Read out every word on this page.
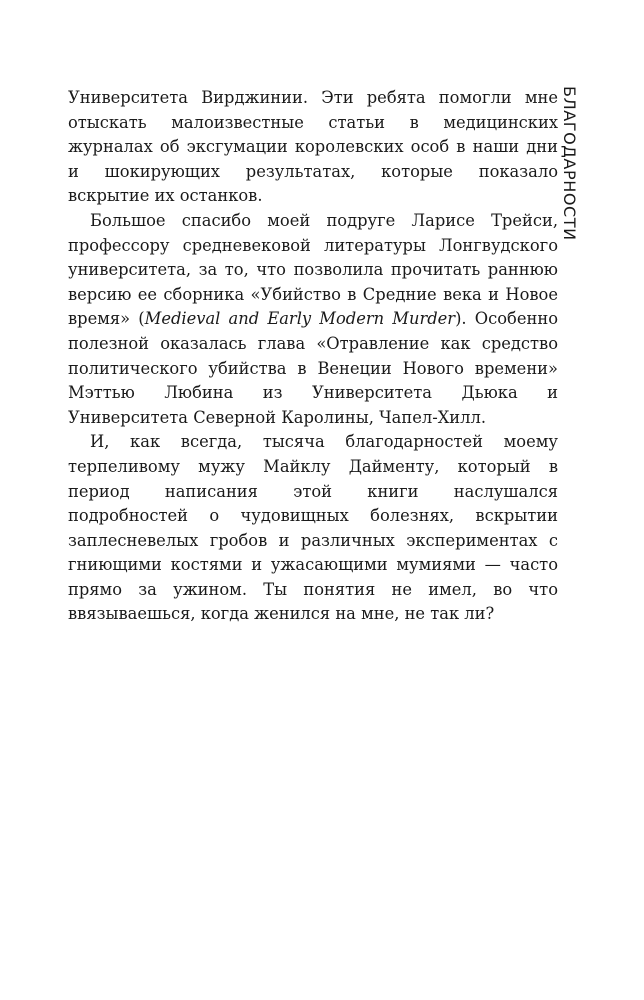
Университета Вирджинии. Эти ребята помогли мне отыскать малоизвестные статьи в медицинских журналах об эксгумации королевских особ в наши дни и шокирующих результатах, которые показало вскрытие их останков.

Большое спасибо моей подруге Ларисе Трейси, профессору средневековой литературы Лонгвудского университета, за то, что позволила прочитать раннюю версию ее сборника «Убийство в Средние века и Новое время» (Medieval and Early Modern Murder). Особенно полезной оказалась глава «Отравление как средство политического убийства в Венеции Нового времени» Мэттью Любина из Университета Дьюка и Университета Северной Каролины, Чапел-Хилл.

И, как всегда, тысяча благодарностей моему терпеливому мужу Майклу Дайменту, который в период написания этой книги наслушался подробностей о чудовищных болезнях, вскрытии заплесневелых гробов и различных экспериментах с гниющими костями и ужасающими мумиями — часто прямо за ужином. Ты понятия не имел, во что ввязываешься, когда женился на мне, не так ли?

БЛАГОДАРНОСТИ
